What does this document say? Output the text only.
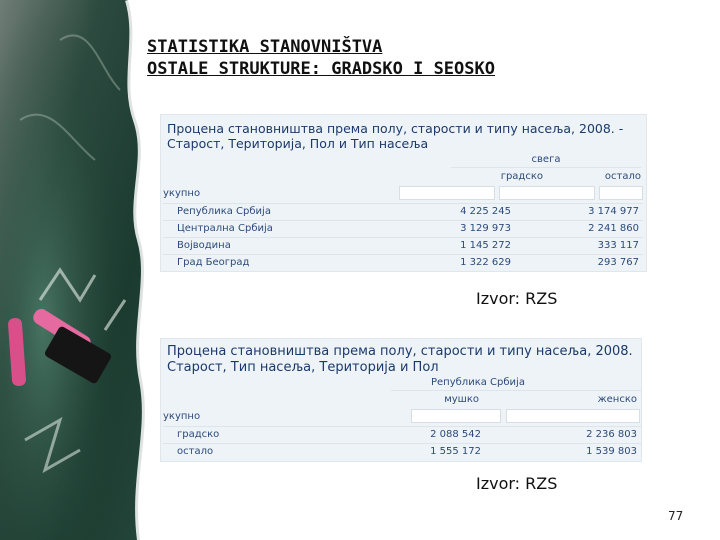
STATISTIKA STANOVNIŠTVA
OSTALE STRUKTURE: GRADSKO I SEOSKO
Процена становништва према полу, старости и типу насеља, 2008. -
Старост, Територија, Пол и Тип насеља
свега
градско	остало
укупно
Република Србија	4 225 245	3 174 977
Централна Србија	3 129 973	2 241 860
Војводина	1 145 272	333 117
Град Београд	1 322 629	293 767
Izvor: RZS
Процена становништва према полу, старости и типу насеља, 2008.
Старост, Тип насеља, Територија и Пол
Република Србија
мушко	женско
укупно
градско	2 088 542	2 236 803
остало	1 555 172	1 539 803
Izvor: RZS
77
